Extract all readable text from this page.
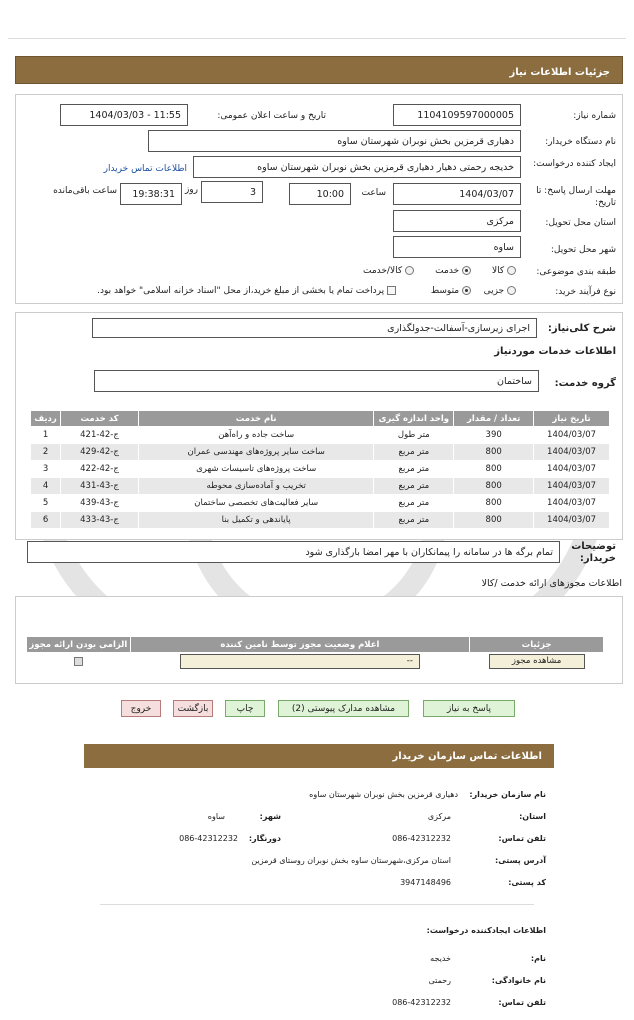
جزئیات اطلاعات نیاز
شماره نیاز:
1104109597000005
تاریخ و ساعت اعلان عمومی:
1404/03/03 - 11:55
نام دستگاه خریدار:
دهیاری قرمزین بخش نوبران شهرستان ساوه
ایجاد کننده درخواست:
خدیجه رحمتی دهیار دهیاری قرمزین بخش نوبران شهرستان ساوه
اطلاعات تماس خریدار
مهلت ارسال پاسخ: تا تاریخ:
1404/03/07
ساعت
10:00
3
روز
19:38:31
ساعت باقی‌مانده
استان محل تحویل:
مرکزی
شهر محل تحویل:
ساوه
طبقه بندی موضوعی:
کالا
خدمت
کالا/خدمت
نوع فرآیند خرید:
جزیی
متوسط
پرداخت تمام یا بخشی از مبلغ خرید،از محل "اسناد خزانه اسلامی" خواهد بود.
شرح کلی‌نیاز:
اجرای زیرسازی-آسفالت-جدولگذاری
اطلاعات خدمات موردنیاز
گروه خدمت:
ساختمان
تاریخ نیاز	تعداد / مقدار	واحد اندازه گیری	نام خدمت	کد خدمت	ردیف
1404/03/07	390	متر طول	ساخت جاده و راه‌آهن	ج-42-421	1
1404/03/07	800	متر مربع	ساخت سایر پروژه‌های مهندسی عمران	ج-42-429	2
1404/03/07	800	متر مربع	ساخت پروژه‌های تاسیسات شهری	ج-42-422	3
1404/03/07	800	متر مربع	تخریب و آماده‌سازی محوطه	ج-43-431	4
1404/03/07	800	متر مربع	سایر فعالیت‌های تخصصی ساختمان	ج-43-439	5
1404/03/07	800	متر مربع	پایاندهی و تکمیل بنا	ج-43-433	6
توضیحات خریدار:
تمام برگه ها در سامانه را پیمانکاران با مهر امضا بارگذاری شود
اطلاعات مجوزهای ارائه خدمت /کالا
جزئیات	اعلام وضعیت مجوز توسط نامین کننده	الزامی بودن ارائه مجوز

مشاهده مجوز	--	

پاسخ به نیاز
مشاهده مدارک پیوستی (2)
چاپ
بازگشت
خروج
اطلاعات تماس سازمان خریدار
نام سازمان خریدار:
دهیاری قرمزین بخش نوبران شهرستان ساوه
استان:
مرکزی
شهر:
ساوه
تلفن تماس:
086-42312232
دورنگار:
086-42312232
آدرس پستی:
استان مرکزی،شهرستان ساوه بخش نوبران روستای قرمزین
کد پستی:
3947148496
اطلاعات ایجادکننده درخواست:
نام:
خدیجه
نام خانوادگی:
رحمتی
تلفن تماس:
086-42312232
